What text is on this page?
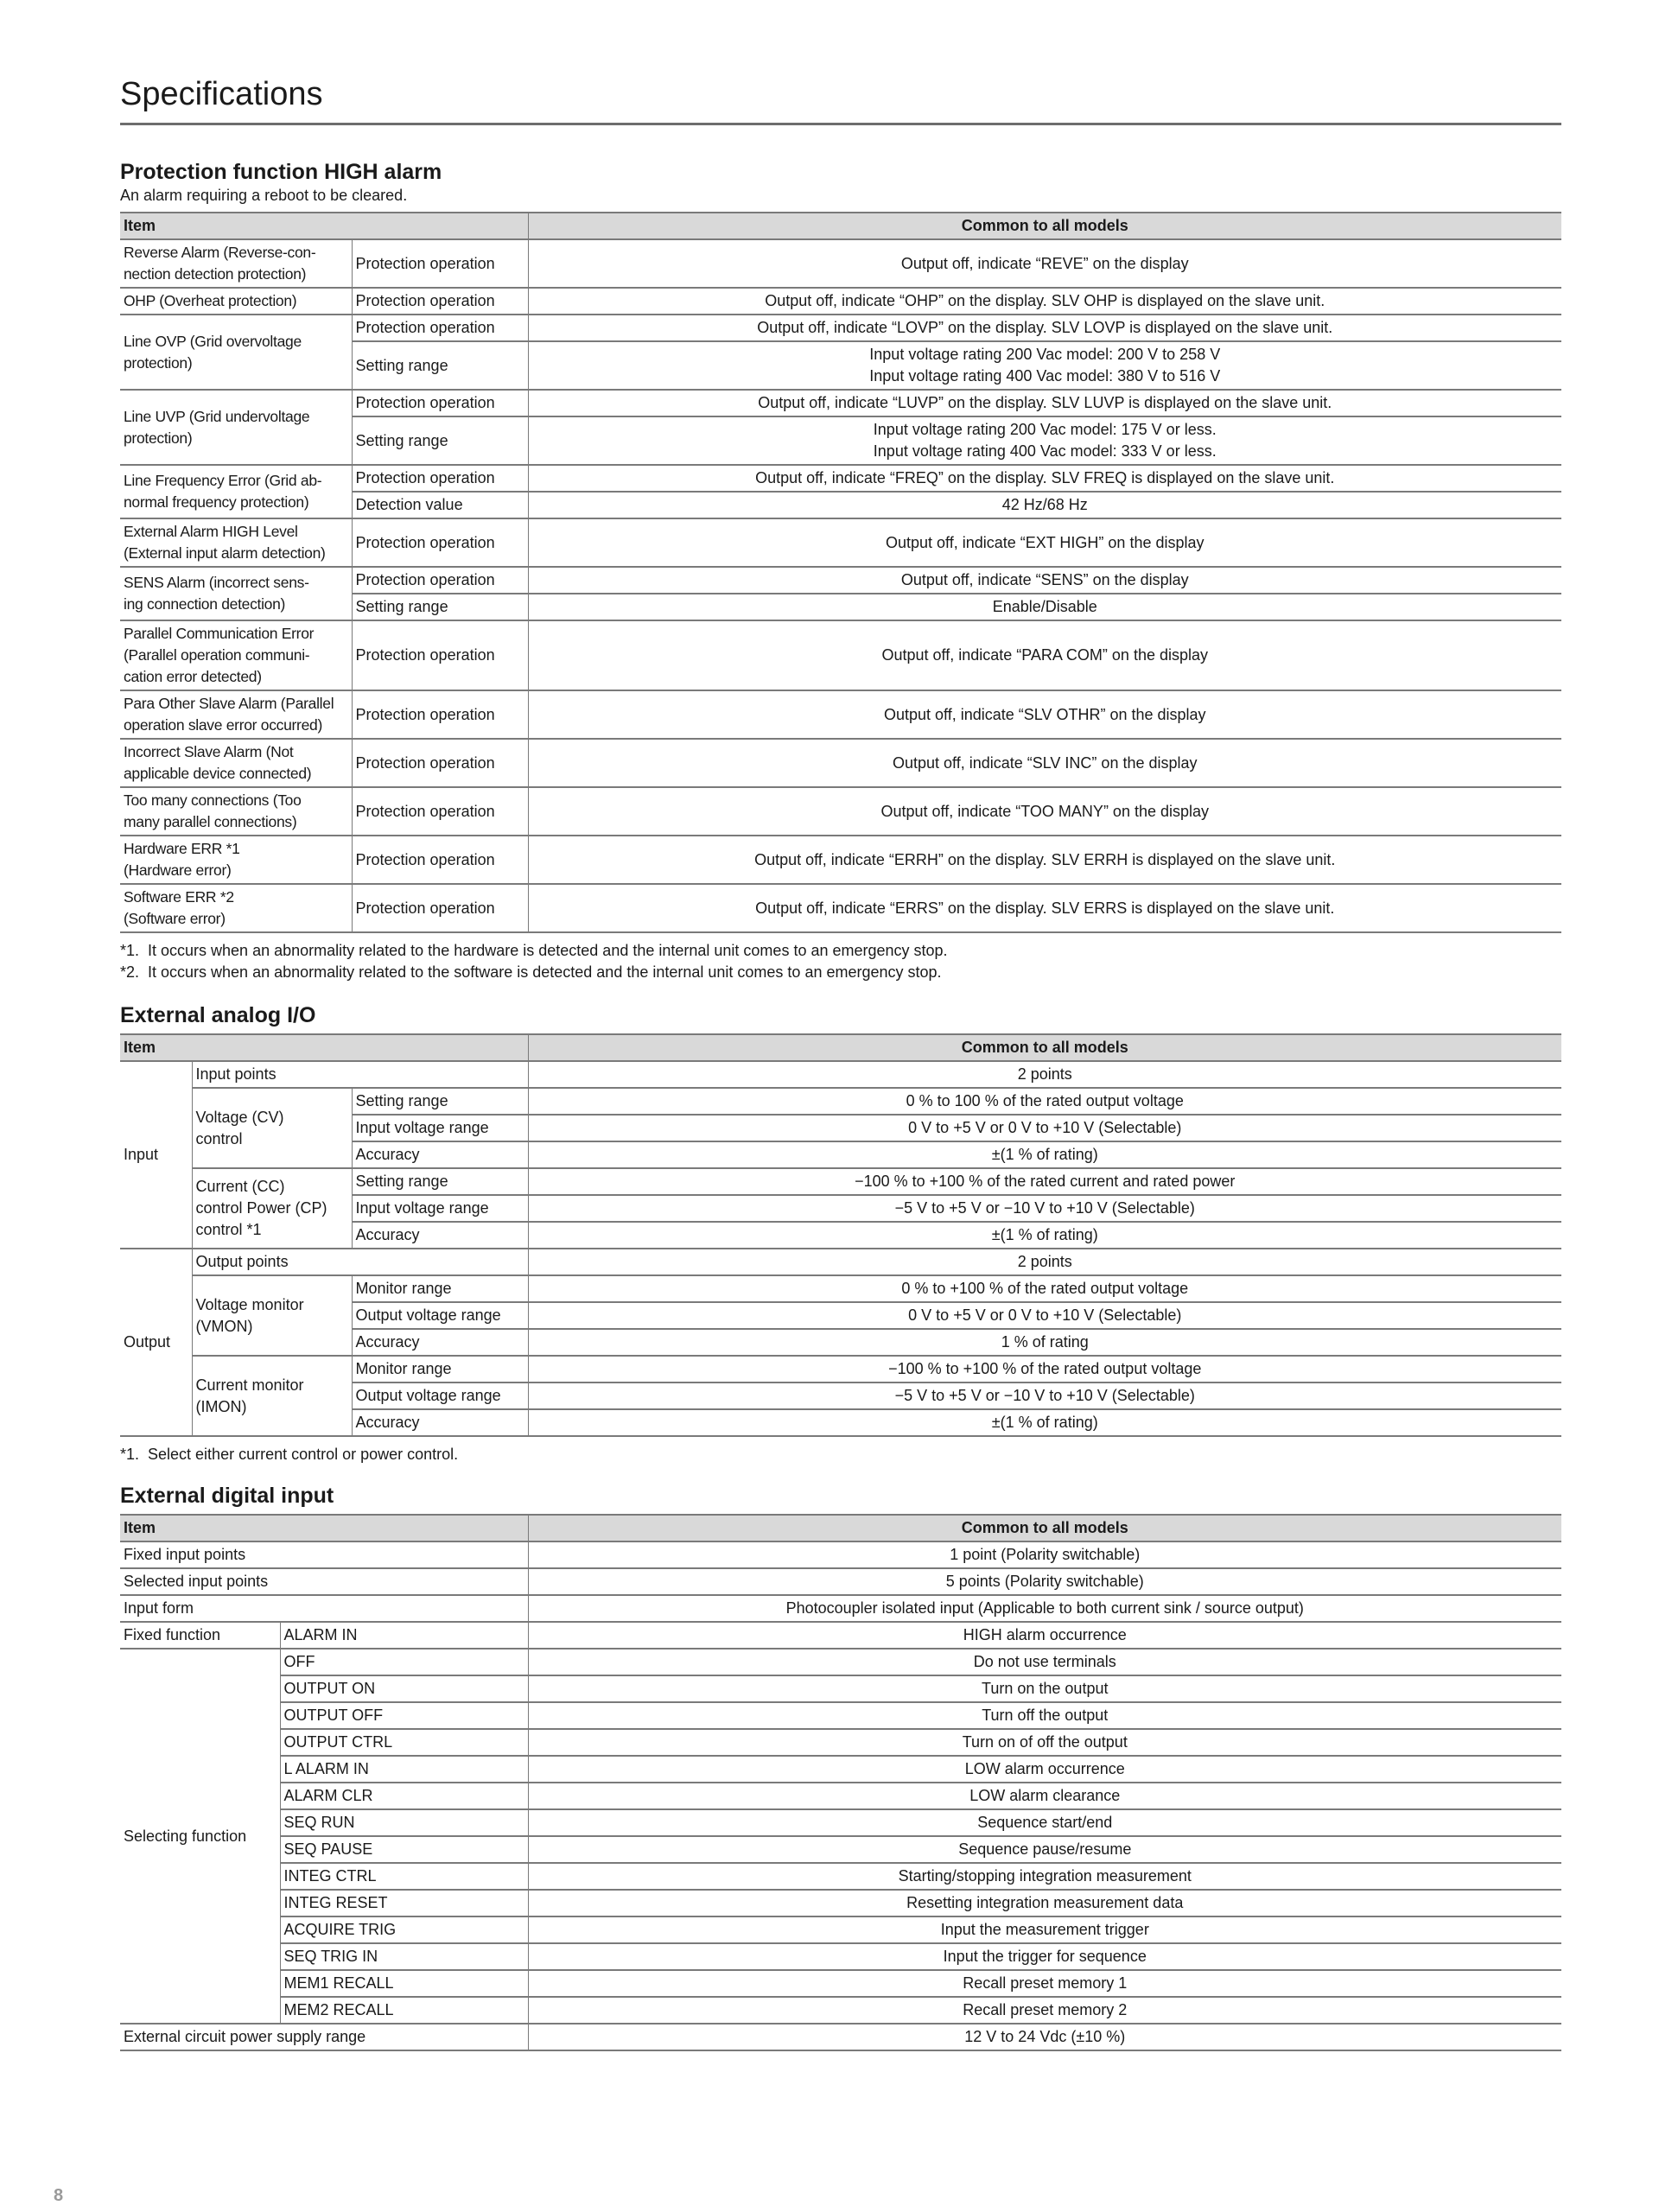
Specifications
Protection function HIGH alarm
An alarm requiring a reboot to be cleared.
Item		Common to all models
Reverse Alarm (Reverse-con-
nection detection protection)	Protection operation	Output off, indicate “REVE” on the display
OHP (Overheat protection)	Protection operation	Output off, indicate “OHP” on the display. SLV OHP is displayed on the slave unit.
Line OVP (Grid overvoltage
protection)	Protection operation	Output off, indicate “LOVP” on the display. SLV LOVP is displayed on the slave unit.
	Setting range	Input voltage rating 200 Vac model: 200 V to 258 V
Input voltage rating 400 Vac model: 380 V to 516 V
Line UVP (Grid undervoltage
protection)	Protection operation	Output off, indicate “LUVP” on the display. SLV LUVP is displayed on the slave unit.
	Setting range	Input voltage rating 200 Vac model: 175 V or less.
Input voltage rating 400 Vac model: 333 V or less.
Line Frequency Error (Grid ab-
normal frequency protection)	Protection operation	Output off, indicate “FREQ” on the display. SLV FREQ is displayed on the slave unit.
	Detection value	42 Hz/68 Hz
External Alarm HIGH Level
(External input alarm detection)	Protection operation	Output off, indicate “EXT HIGH” on the display
SENS Alarm (incorrect sens-
ing connection detection)	Protection operation	Output off, indicate “SENS” on the display
	Setting range	Enable/Disable
Parallel Communication Error
(Parallel operation communi-
cation error detected)	Protection operation	Output off, indicate “PARA COM” on the display
Para Other Slave Alarm (Parallel
operation slave error occurred)	Protection operation	Output off, indicate “SLV OTHR” on the display
Incorrect Slave Alarm (Not
applicable device connected)	Protection operation	Output off, indicate “SLV INC” on the display
Too many connections (Too
many parallel connections)	Protection operation	Output off, indicate “TOO MANY” on the display
Hardware ERR *1
(Hardware error)	Protection operation	Output off, indicate “ERRH” on the display. SLV ERRH is displayed on the slave unit.
Software ERR *2
(Software error)	Protection operation	Output off, indicate “ERRS” on the display. SLV ERRS is displayed on the slave unit.
*1.  It occurs when an abnormality related to the hardware is detected and the internal unit comes to an emergency stop.
*2.  It occurs when an abnormality related to the software is detected and the internal unit comes to an emergency stop.
External analog I/O
Item			Common to all models
Input	Input points		2 points
	Voltage (CV)
control	Setting range	0 % to 100 % of the rated output voltage
		Input voltage range	0 V to +5 V or 0 V to +10 V (Selectable)
		Accuracy	±(1 % of rating)
	Current (CC)
control Power (CP)
control *1	Setting range	−100 % to +100 % of the rated current and rated power
		Input voltage range	−5 V to +5 V or −10 V to +10 V (Selectable)
		Accuracy	±(1 % of rating)
Output	Output points		2 points
	Voltage monitor
(VMON)	Monitor range	0 % to +100 % of the rated output voltage
		Output voltage range	0 V to +5 V or 0 V to +10 V (Selectable)
		Accuracy	1 % of rating
	Current monitor
(IMON)	Monitor range	−100 % to +100 % of the rated output voltage
		Output voltage range	−5 V to +5 V or −10 V to +10 V (Selectable)
		Accuracy	±(1 % of rating)
*1.  Select either current control or power control.
External digital input
Item		Common to all models
Fixed input points		1 point (Polarity switchable)
Selected input points		5 points (Polarity switchable)
Input form		Photocoupler isolated input (Applicable to both current sink / source output)
Fixed function	ALARM IN	HIGH alarm occurrence
Selecting function	OFF	Do not use terminals
	OUTPUT ON	Turn on the output
	OUTPUT OFF	Turn off the output
	OUTPUT CTRL	Turn on of off the output
	L ALARM IN	LOW alarm occurrence
	ALARM CLR	LOW alarm clearance
	SEQ RUN	Sequence start/end
	SEQ PAUSE	Sequence pause/resume
	INTEG CTRL	Starting/stopping integration measurement
	INTEG RESET	Resetting integration measurement data
	ACQUIRE TRIG	Input the measurement trigger
	SEQ TRIG IN	Input the trigger for sequence
	MEM1 RECALL	Recall preset memory 1
	MEM2 RECALL	Recall preset memory 2
External circuit power supply range		12 V to 24 Vdc (±10 %)
8
